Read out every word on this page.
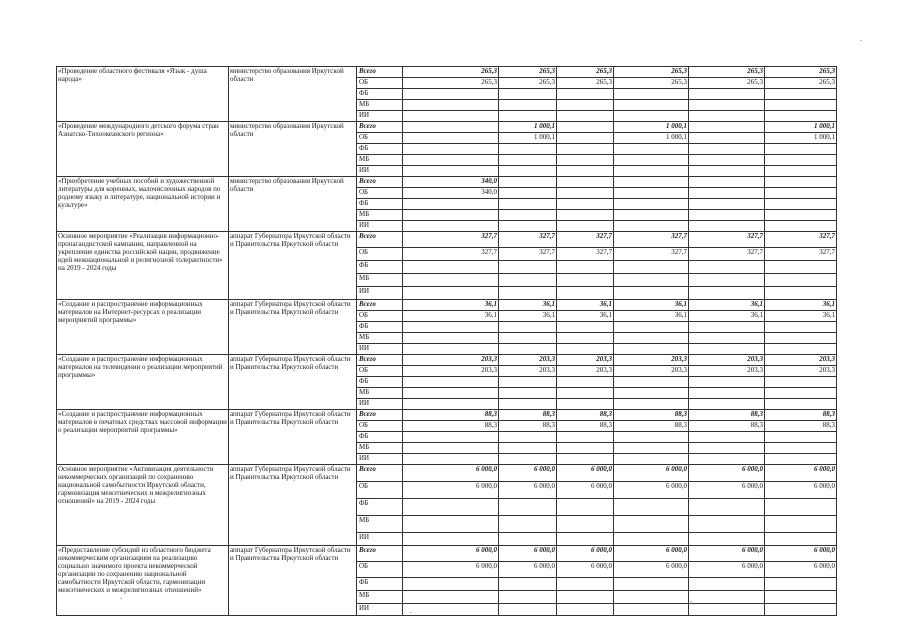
«Проведение областного фестиваля «Язык - душа народа»	министерство образования Иркутской области	Всего	265,3	265,3	265,3	265,3	265,3	265,3
		ОБ	265,3	265,3	265,3	265,3	265,3	265,3
		ФБ						
		МБ						
		ИИ						
«Проведение международного детского форума стран Азиатско-Тихоокеанского региона»	министерство образования Иркутской области	Всего		1 000,1		1 000,1		1 000,1
		ОБ		1 000,1		1 000,1		1 000,1
		ФБ						
		МБ						
		ИИ						
«Приобретение учебных пособий и художественной литературы для коренных, малочисленных народов по родному языку и литературе, национальной истории и культуре»	министерство образования Иркутской области	Всего	340,0					
		ОБ	340,0					
		ФБ						
		МБ						
		ИИ						
Основное мероприятие «Реализация информационно-пропагандистской кампании, направленной на укрепление единства российской нации, продвижение идей межнациональной и религиозной толерантности» на 2019 - 2024 годы	аппарат Губернатора Иркутской области и Правительства Иркутской области	Всего	327,7	327,7	327,7	327,7	327,7	327,7
		ОБ	327,7	327,7	327,7	327,7	327,7	327,7
		ФБ						
		МБ						
		ИИ						
«Создание и распространение информационных материалов на Интернет-ресурсах о реализации мероприятий программы»	аппарат Губернатора Иркутской области и Правительства Иркутской области	Всего	36,1	36,1	36,1	36,1	36,1	36,1
		ОБ	36,1	36,1	36,1	36,1	36,1	36,1
		ФБ						
		МБ						
		ИИ						
«Создание и распространение информационных материалов на телевидении о реализации мероприятий программы»	аппарат Губернатора Иркутской области и Правительства Иркутской области	Всего	203,3	203,3	203,3	203,3	203,3	203,3
		ОБ	203,3	203,3	203,3	203,3	203,3	203,3
		ФБ						
		МБ						
		ИИ						
«Создание и распространение информационных материалов в печатных средствах массовой информации о реализации мероприятий программы»	аппарат Губернатора Иркутской области и Правительства Иркутской области	Всего	88,3	88,3	88,3	88,3	88,3	88,3
		ОБ	88,3	88,3	88,3	88,3	88,3	88,3
		ФБ						
		МБ						
		ИИ						
Основное мероприятие «Активизация деятельности некоммерческих организаций по сохранению национальной самобытности Иркутской области, гармонизация межэтнических и межрелигиозных отношений» на 2019 - 2024 годы	аппарат Губернатора Иркутской области и Правительства Иркутской области	Всего	6 000,0	6 000,0	6 000,0	6 000,0	6 000,0	6 000,0
		ОБ	6 000,0	6 000,0	6 000,0	6 000,0	6 000,0	6 000,0
		ФБ						
		МБ						
		ИИ						
«Предоставление субсидий из областного бюджета некоммерческим организациям на реализацию социально значимого проекта некоммерческой организации по сохранению национальной самобытности Иркутской области, гармонизации межэтнических и межрелигиозных отношений»	аппарат Губернатора Иркутской области и Правительства Иркутской области	Всего	6 000,0	6 000,0	6 000,0	6 000,0	6 000,0	6 000,0
		ОБ	6 000,0	6 000,0	6 000,0	6 000,0	6 000,0	6 000,0
		ФБ						
		МБ						
		ИИ						
